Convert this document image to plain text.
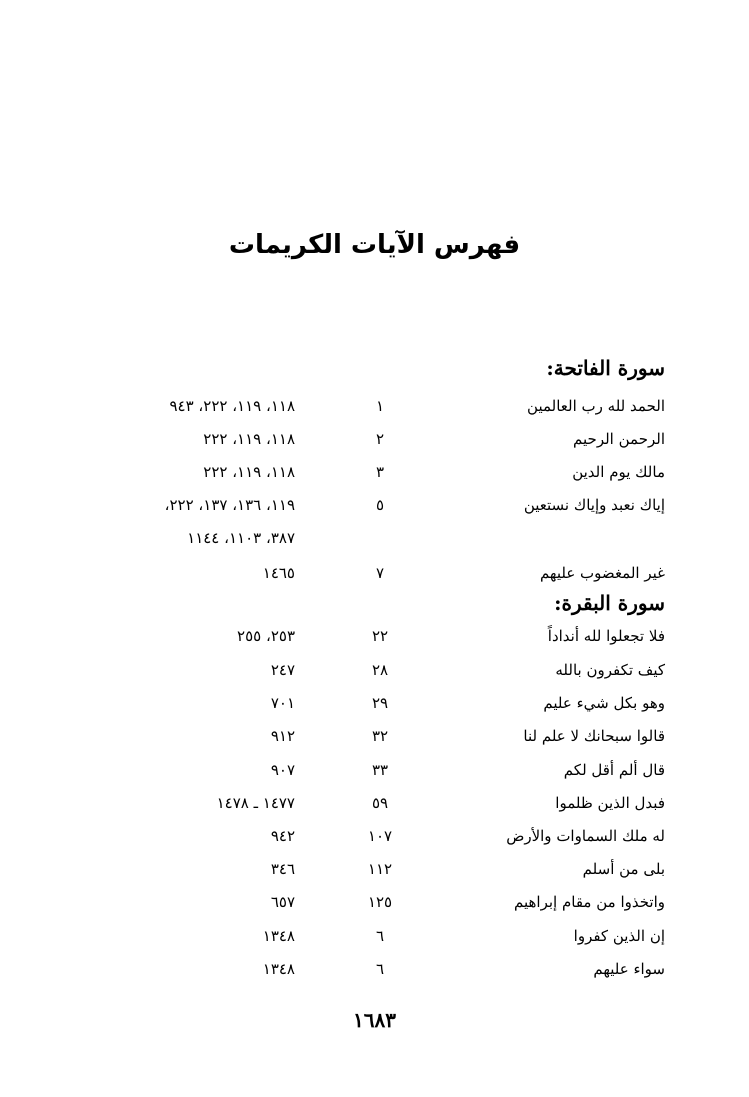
فهرس الآيات الكريمات
سورة الفاتحة:
الحمد لله رب العالمين
١
١١٨، ١١٩، ٢٢٢، ٩٤٣
الرحمن الرحيم
٢
١١٨، ١١٩، ٢٢٢
مالك يوم الدين
٣
١١٨، ١١٩، ٢٢٢
إياك نعبد وإياك نستعين
٥
١١٩، ١٣٦، ١٣٧، ٢٢٢،
٣٨٧، ١١٠٣، ١١٤٤
غير المغضوب عليهم
٧
١٤٦٥
سورة البقرة:
فلا تجعلوا لله أنداداً
٢٢
٢٥٣، ٢٥٥
كيف تكفرون بالله
٢٨
٢٤٧
وهو بكل شيء عليم
٢٩
٧٠١
قالوا سبحانك لا علم لنا
٣٢
٩١٢
قال ألم أقل لكم
٣٣
٩٠٧
فبدل الذين ظلموا
٥٩
١٤٧٧ ـ ١٤٧٨
له ملك السماوات والأرض
١٠٧
٩٤٢
بلى من أسلم
١١٢
٣٤٦
واتخذوا من مقام إبراهيم
١٢٥
٦٥٧
إن الذين كفروا
٦
١٣٤٨
سواء عليهم
٦
١٣٤٨
١٦٨٣
